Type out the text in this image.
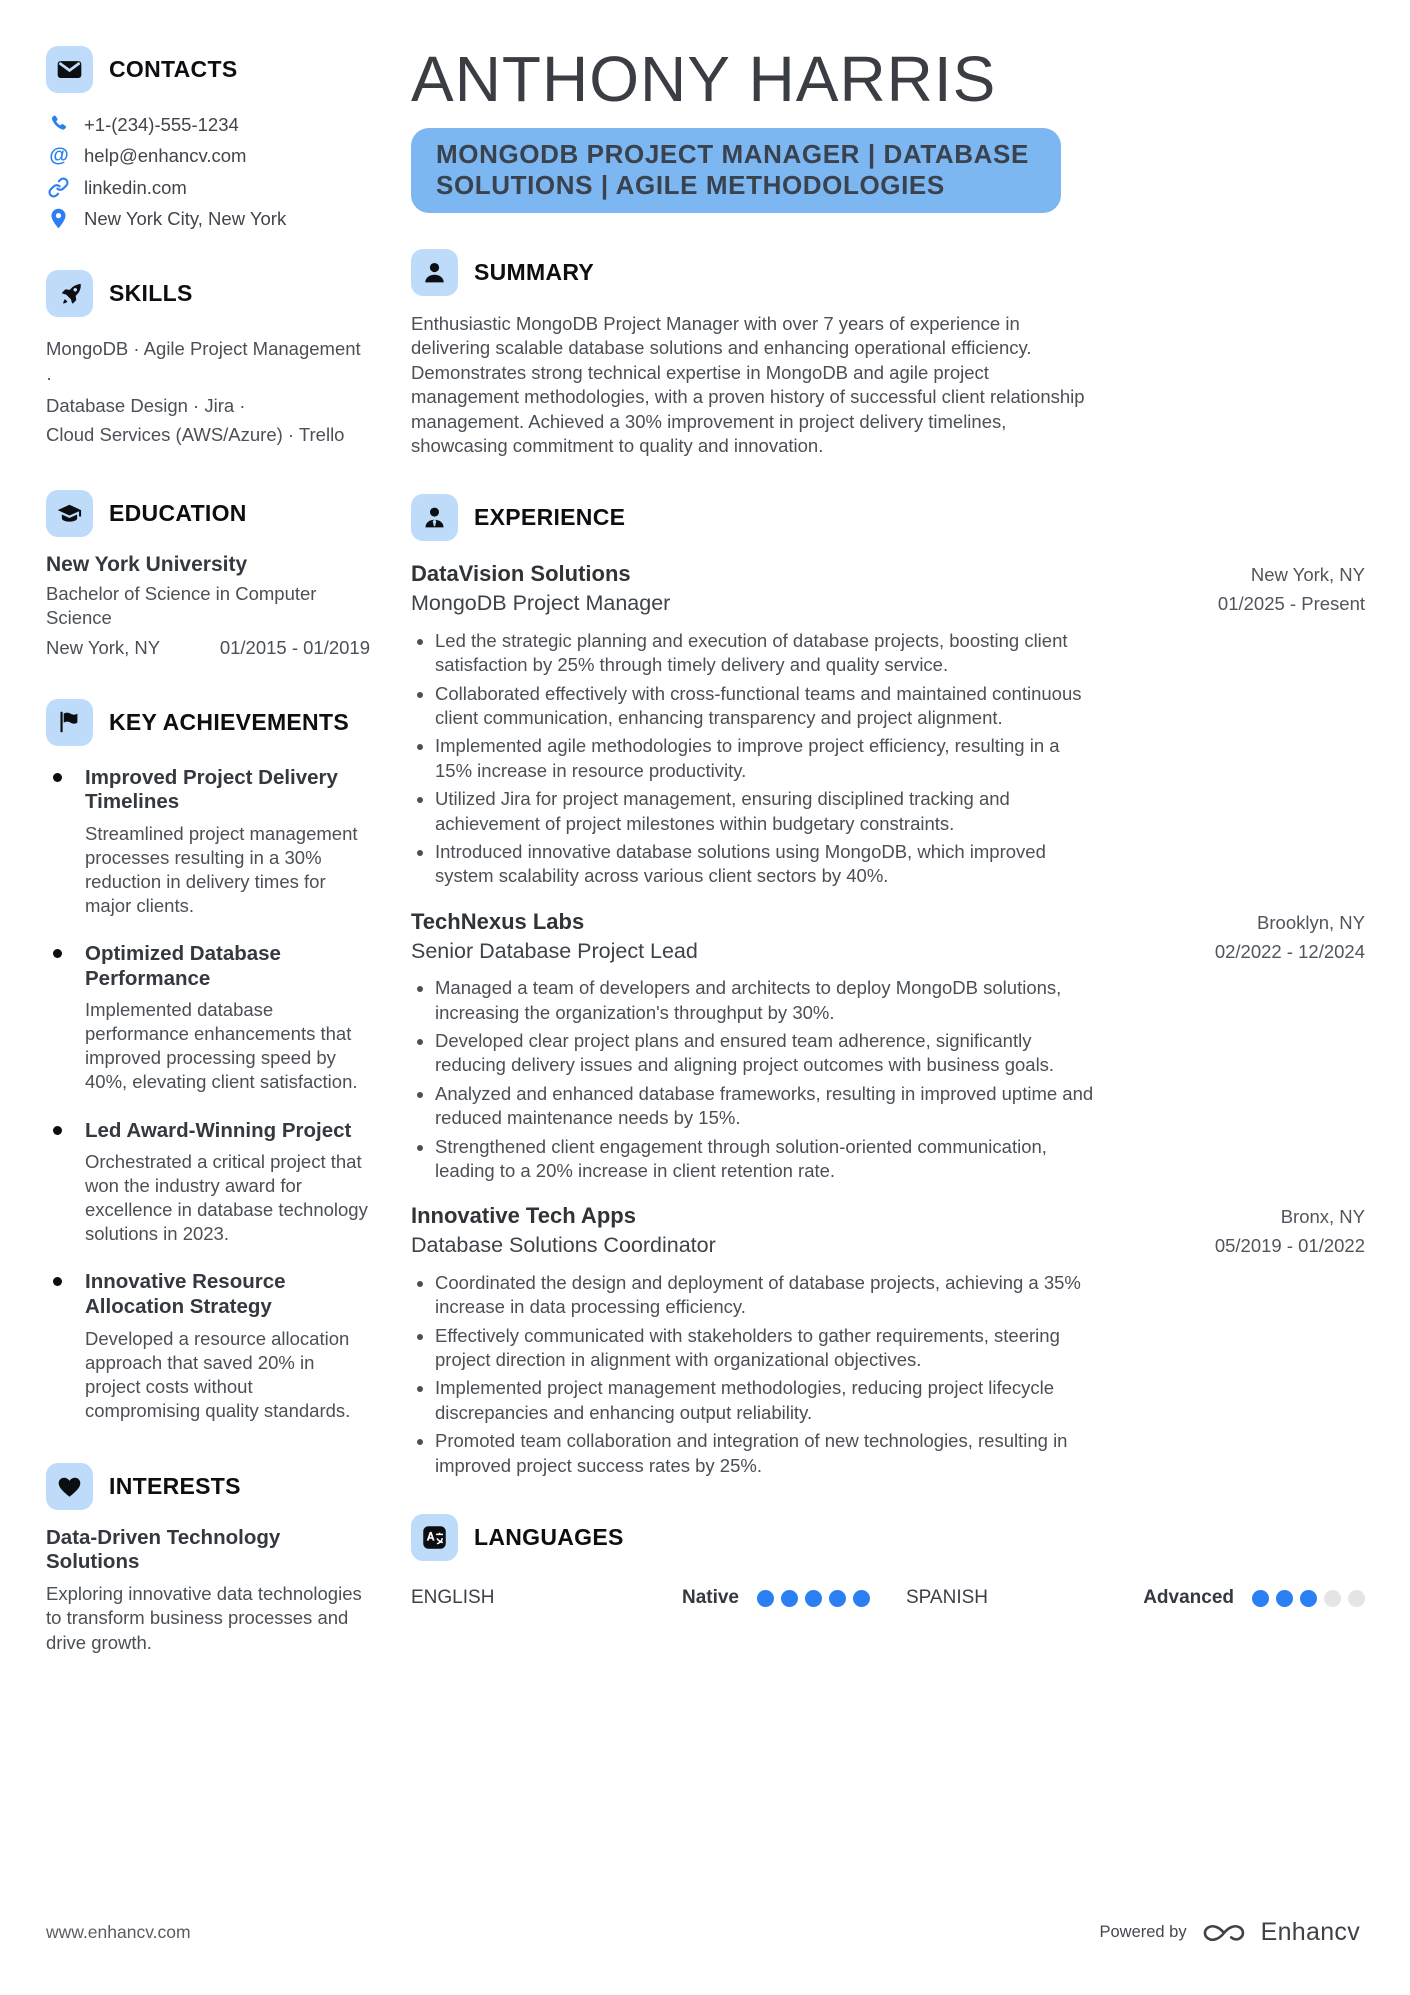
CONTACTS
+1-(234)-555-1234
@ help@enhancv.com
linkedin.com
New York City, New York
SKILLS
MongoDB · Agile Project Management ·
Database Design · Jira ·
Cloud Services (AWS/Azure) · Trello
EDUCATION
New York University

Bachelor of Science in Computer Science

New York, NY	01/2015 - 01/2019
KEY ACHIEVEMENTS
Improved Project Delivery Timelines

Streamlined project management processes resulting in a 30% reduction in delivery times for major clients.

Optimized Database Performance

Implemented database performance enhancements that improved processing speed by 40%, elevating client satisfaction.

Led Award-Winning Project

Orchestrated a critical project that won the industry award for excellence in database technology solutions in 2023.

Innovative Resource Allocation Strategy

Developed a resource allocation approach that saved 20% in project costs without compromising quality standards.

INTERESTS
Data-Driven Technology Solutions

Exploring innovative data technologies to transform business processes and drive growth.

ANTHONY HARRIS
MONGODB PROJECT MANAGER | DATABASE SOLUTIONS | AGILE METHODOLOGIES
SUMMARY

Enthusiastic MongoDB Project Manager with over 7 years of experience in delivering scalable database solutions and enhancing operational efficiency. Demonstrates strong technical expertise in MongoDB and agile project management methodologies, with a proven history of successful client relationship management. Achieved a 30% improvement in project delivery timelines, showcasing commitment to quality and innovation.

EXPERIENCE
DataVision Solutions
MongoDB Project Manager
New York, NY
01/2025 - Present
• Led the strategic planning and execution of database projects, boosting client satisfaction by 25% through timely delivery and quality service.
• Collaborated effectively with cross-functional teams and maintained continuous client communication, enhancing transparency and project alignment.
• Implemented agile methodologies to improve project efficiency, resulting in a 15% increase in resource productivity.
• Utilized Jira for project management, ensuring disciplined tracking and achievement of project milestones within budgetary constraints.
• Introduced innovative database solutions using MongoDB, which improved system scalability across various client sectors by 40%.
TechNexus Labs
Senior Database Project Lead
Brooklyn, NY
02/2022 - 12/2024
• Managed a team of developers and architects to deploy MongoDB solutions, increasing the organization's throughput by 30%.
• Developed clear project plans and ensured team adherence, significantly reducing delivery issues and aligning project outcomes with business goals.
• Analyzed and enhanced database frameworks, resulting in improved uptime and reduced maintenance needs by 15%.
• Strengthened client engagement through solution-oriented communication, leading to a 20% increase in client retention rate.
Innovative Tech Apps
Database Solutions Coordinator
Bronx, NY
05/2019 - 01/2022
• Coordinated the design and deployment of database projects, achieving a 35% increase in data processing efficiency.
• Effectively communicated with stakeholders to gather requirements, steering project direction in alignment with organizational objectives.
• Implemented project management methodologies, reducing project lifecycle discrepancies and enhancing output reliability.
• Promoted team collaboration and integration of new technologies, resulting in improved project success rates by 25%.
LANGUAGES
ENGLISH	Native	SPANISH	Advanced
www.enhancv.com	Powered by	Enhancv
